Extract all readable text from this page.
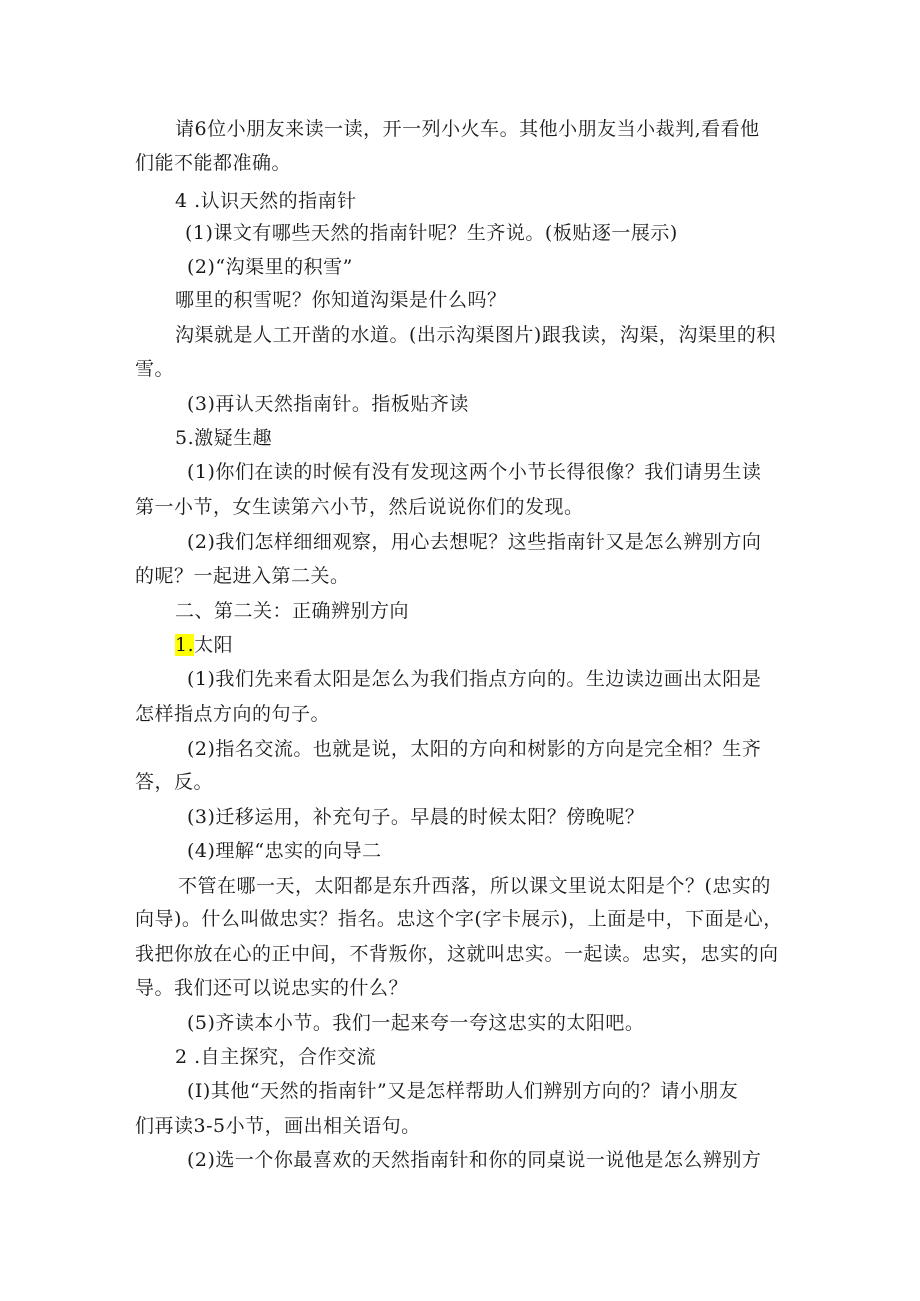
请6位小朋友来读一读，开一列小火车。其他小朋友当小裁判,看看他
们能不能都准确。
4 .认识天然的指南针
(1)课文有哪些天然的指南针呢？生齐说。(板贴逐一展示)
(2)“沟渠里的积雪”
哪里的积雪呢？你知道沟渠是什么吗？
沟渠就是人工开凿的水道。(出示沟渠图片)跟我读，沟渠，沟渠里的积
雪。
(3)再认天然指南针。指板贴齐读
5.激疑生趣
(1)你们在读的时候有没有发现这两个小节长得很像？我们请男生读
第一小节，女生读第六小节，然后说说你们的发现。
(2)我们怎样细细观察，用心去想呢？这些指南针又是怎么辨别方向
的呢？一起进入第二关。
二、第二关：正确辨别方向
1.太阳
(1)我们先来看太阳是怎么为我们指点方向的。生边读边画出太阳是
怎样指点方向的句子。
(2)指名交流。也就是说，太阳的方向和树影的方向是完全相？生齐
答，反。
(3)迁移运用，补充句子。早晨的时候太阳？傍晚呢？
(4)理解“忠实的向导二
不管在哪一天，太阳都是东升西落，所以课文里说太阳是个？(忠实的
向导)。什么叫做忠实？指名。忠这个字(字卡展示)，上面是中，下面是心，
我把你放在心的正中间，不背叛你，这就叫忠实。一起读。忠实，忠实的向
导。我们还可以说忠实的什么？
(5)齐读本小节。我们一起来夸一夸这忠实的太阳吧。
2 .自主探究，合作交流
(I)其他“天然的指南针”又是怎样帮助人们辨别方向的？请小朋友
们再读3-5小节，画出相关语句。
(2)选一个你最喜欢的天然指南针和你的同桌说一说他是怎么辨别方
